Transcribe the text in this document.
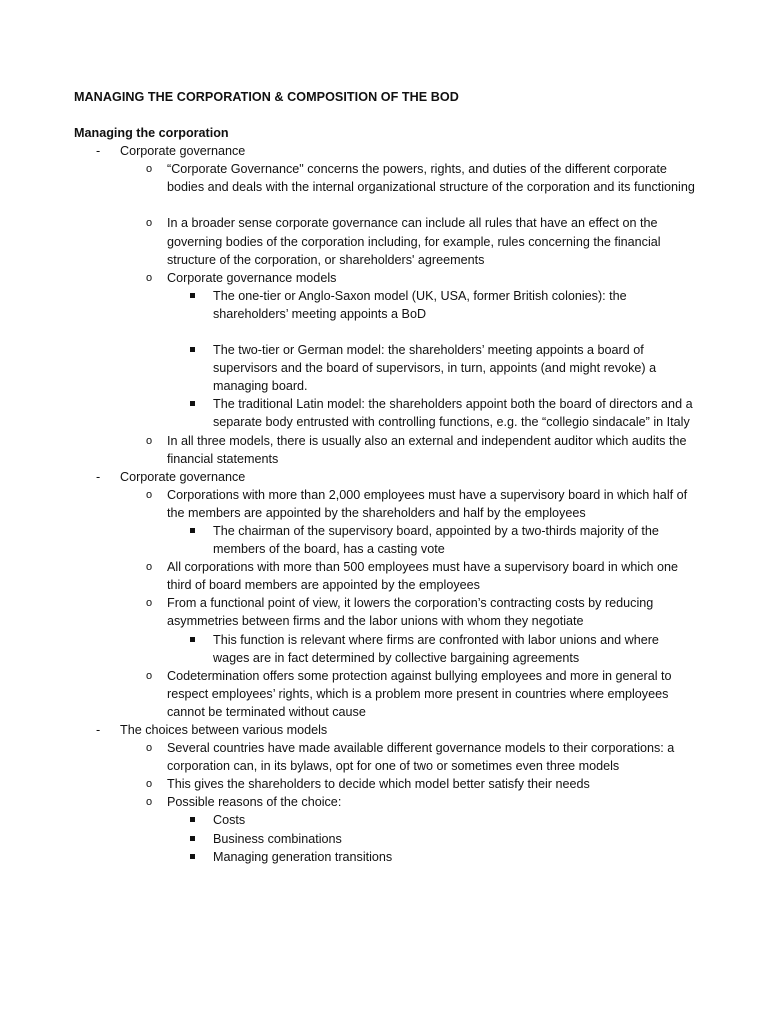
MANAGING THE CORPORATION & COMPOSITION OF THE BOD
Managing the corporation
- Corporate governance
o “Corporate Governance" concerns the powers, rights, and duties of the different corporate bodies and deals with the internal organizational structure of the corporation and its functioning
o In a broader sense corporate governance can include all rules that have an effect on the governing bodies of the corporation including, for example, rules concerning the financial structure of the corporation, or shareholders' agreements
o Corporate governance models
The one-tier or Anglo-Saxon model (UK, USA, former British colonies): the shareholders’ meeting appoints a BoD
The two-tier or German model: the shareholders’ meeting appoints a board of supervisors and the board of supervisors, in turn, appoints (and might revoke) a managing board.
The traditional Latin model: the shareholders appoint both the board of directors and a separate body entrusted with controlling functions, e.g. the “collegio sindacale” in Italy
o In all three models, there is usually also an external and independent auditor which audits the financial statements
- Corporate governance
o Corporations with more than 2,000 employees must have a supervisory board in which half of the members are appointed by the shareholders and half by the employees
The chairman of the supervisory board, appointed by a two-thirds majority of the members of the board, has a casting vote
o All corporations with more than 500 employees must have a supervisory board in which one third of board members are appointed by the employees
o From a functional point of view, it lowers the corporation’s contracting costs by reducing asymmetries between firms and the labor unions with whom they negotiate
This function is relevant where firms are confronted with labor unions and where wages are in fact determined by collective bargaining agreements
o Codetermination offers some protection against bullying employees and more in general to respect employees’ rights, which is a problem more present in countries where employees cannot be terminated without cause
- The choices between various models
o Several countries have made available different governance models to their corporations: a corporation can, in its bylaws, opt for one of two or sometimes even three models
o This gives the shareholders to decide which model better satisfy their needs
o Possible reasons of the choice:
Costs
Business combinations
Managing generation transitions
